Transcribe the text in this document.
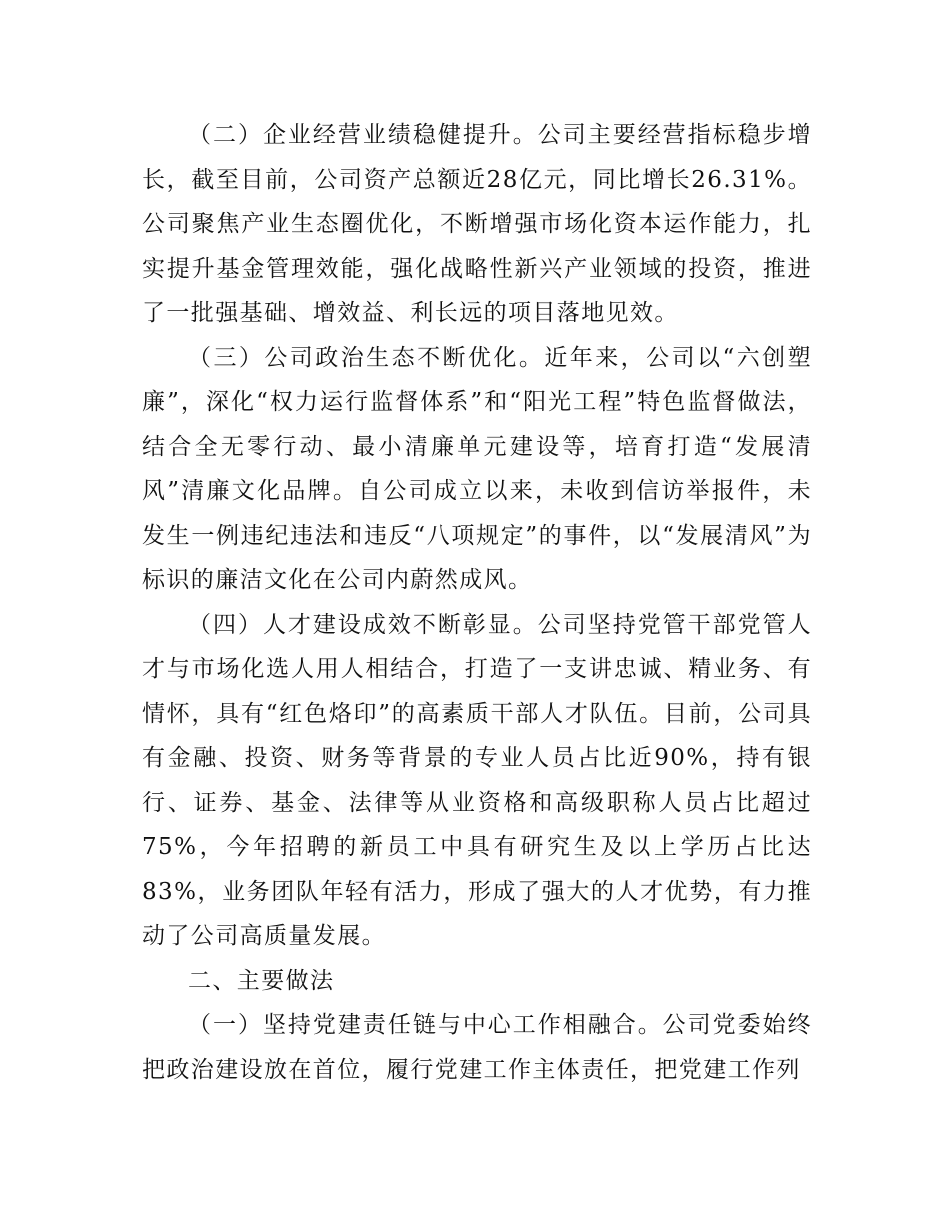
（二）企业经营业绩稳健提升。公司主要经营指标稳步增长，截至目前，公司资产总额近28亿元，同比增长26.31%。公司聚焦产业生态圈优化，不断增强市场化资本运作能力，扎实提升基金管理效能，强化战略性新兴产业领域的投资，推进了一批强基础、增效益、利长远的项目落地见效。

（三）公司政治生态不断优化。近年来，公司以“六创塑廉”，深化“权力运行监督体系”和“阳光工程”特色监督做法，结合全无零行动、最小清廉单元建设等，培育打造“发展清风”清廉文化品牌。自公司成立以来，未收到信访举报件，未发生一例违纪违法和违反“八项规定”的事件，以“发展清风”为标识的廉洁文化在公司内蔚然成风。

（四）人才建设成效不断彰显。公司坚持党管干部党管人才与市场化选人用人相结合，打造了一支讲忠诚、精业务、有情怀，具有“红色烙印”的高素质干部人才队伍。目前，公司具有金融、投资、财务等背景的专业人员占比近90%，持有银行、证券、基金、法律等从业资格和高级职称人员占比超过75%，今年招聘的新员工中具有研究生及以上学历占比达83%，业务团队年轻有活力，形成了强大的人才优势，有力推动了公司高质量发展。

二、主要做法

（一）坚持党建责任链与中心工作相融合。公司党委始终把政治建设放在首位，履行党建工作主体责任，把党建工作列
